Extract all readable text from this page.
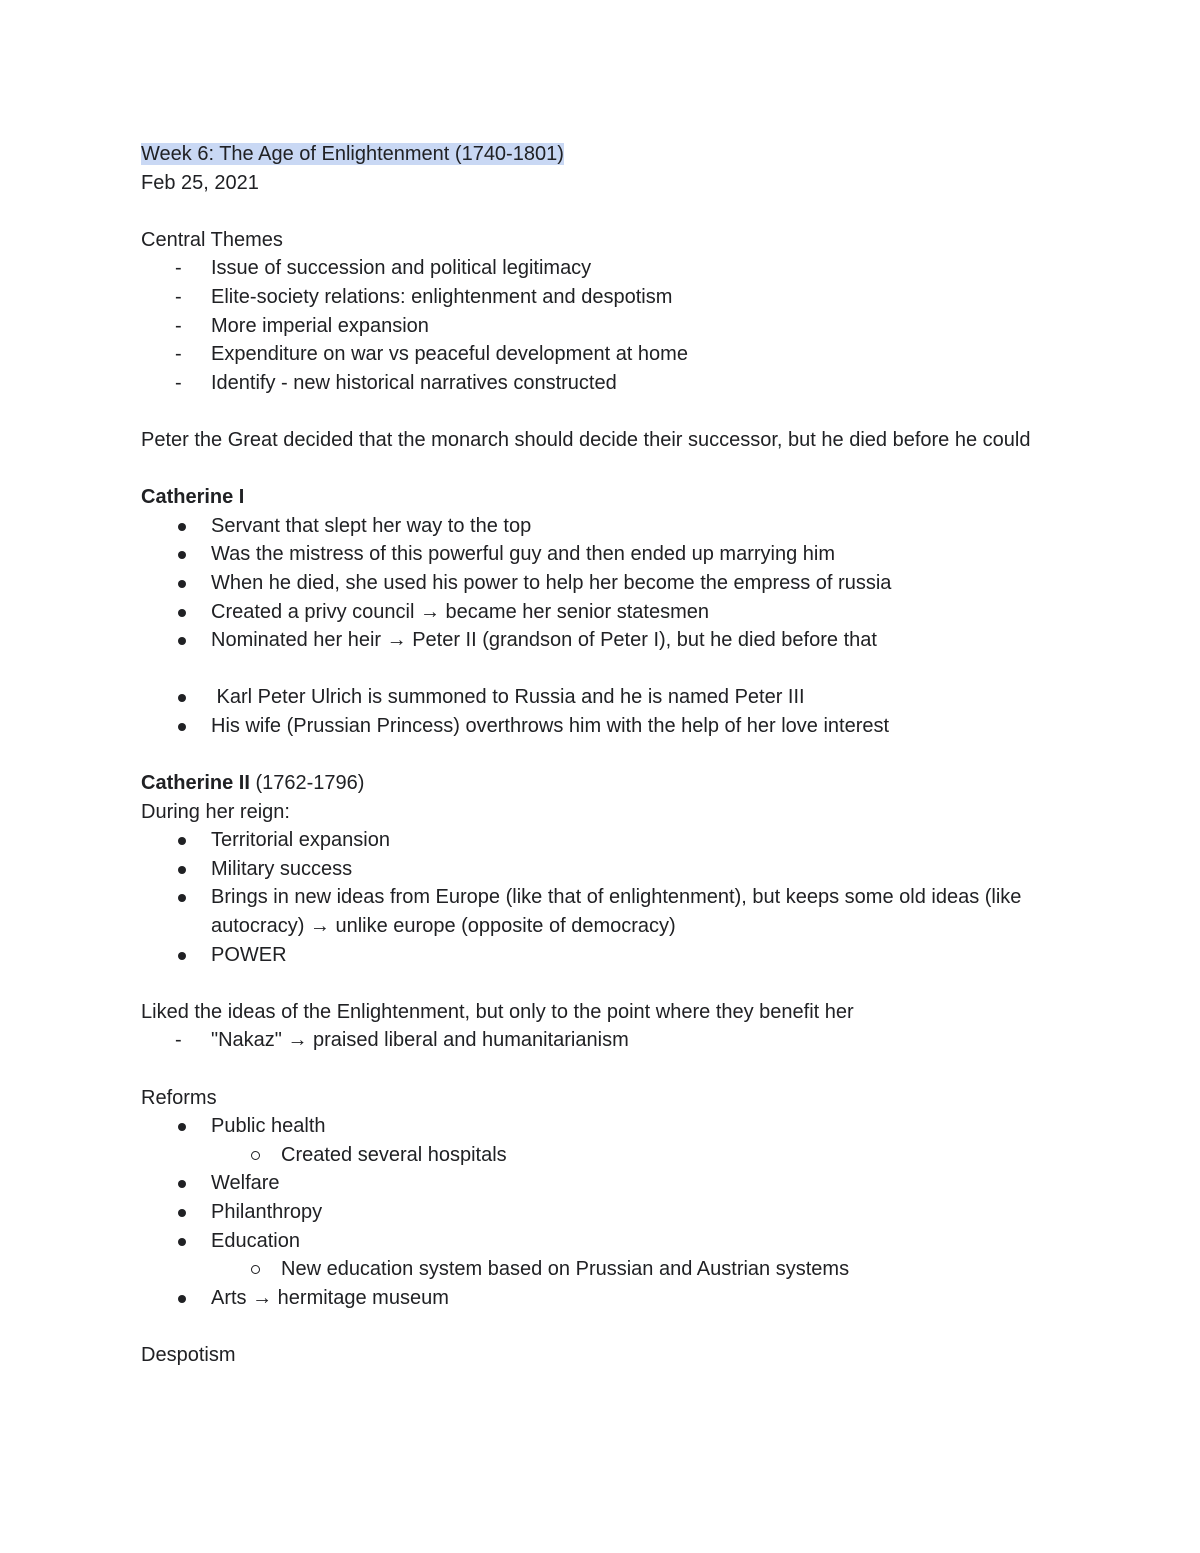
Week 6: The Age of Enlightenment (1740-1801)
Feb 25, 2021
Central Themes
-
Issue of succession and political legitimacy
-
Elite-society relations: enlightenment and despotism
-
More imperial expansion
-
Expenditure on war vs peaceful development at home
-
Identify - new historical narratives constructed
Peter the Great decided that the monarch should decide their successor, but he died before he could
Catherine I
Servant that slept her way to the top
Was the mistress of this powerful guy and then ended up marrying him
When he died, she used his power to help her become the empress of russia
Created a privy council → became her senior statesmen
Nominated her heir → Peter II (grandson of Peter I), but he died before that
Karl Peter Ulrich is summoned to Russia and he is named Peter III
His wife (Prussian Princess) overthrows him with the help of her love interest
Catherine II (1762-1796)
During her reign:
Territorial expansion
Military success
Brings in new ideas from Europe (like that of enlightenment), but keeps some old ideas (like autocracy) → unlike europe (opposite of democracy)
POWER
Liked the ideas of the Enlightenment, but only to the point where they benefit her
-
"Nakaz" → praised liberal and humanitarianism
Reforms
Public health
Created several hospitals
Welfare
Philanthropy
Education
New education system based on Prussian and Austrian systems
Arts → hermitage museum
Despotism
